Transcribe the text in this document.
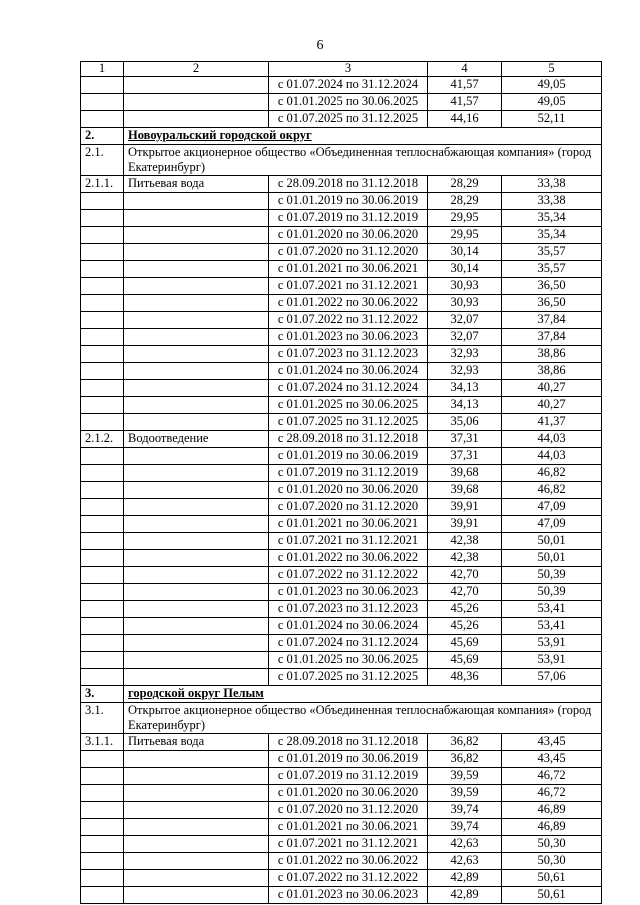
6
1	2	3	4	5
		с 01.07.2024 по 31.12.2024	41,57	49,05
		с 01.01.2025 по 30.06.2025	41,57	49,05
		с 01.07.2025 по 31.12.2025	44,16	52,11
2.	Новоуральский городской округ			
2.1.	Открытое акционерное общество «Объединенная теплоснабжающая компания» (город Екатеринбург)			
2.1.1.	Питьевая вода	с 28.09.2018 по 31.12.2018	28,29	33,38
		с 01.01.2019 по 30.06.2019	28,29	33,38
		с 01.07.2019 по 31.12.2019	29,95	35,34
		с 01.01.2020 по 30.06.2020	29,95	35,34
		с 01.07.2020 по 31.12.2020	30,14	35,57
		с 01.01.2021 по 30.06.2021	30,14	35,57
		с 01.07.2021 по 31.12.2021	30,93	36,50
		с 01.01.2022 по 30.06.2022	30,93	36,50
		с 01.07.2022 по 31.12.2022	32,07	37,84
		с 01.01.2023 по 30.06.2023	32,07	37,84
		с 01.07.2023 по 31.12.2023	32,93	38,86
		с 01.01.2024 по 30.06.2024	32,93	38,86
		с 01.07.2024 по 31.12.2024	34,13	40,27
		с 01.01.2025 по 30.06.2025	34,13	40,27
		с 01.07.2025 по 31.12.2025	35,06	41,37
2.1.2.	Водоотведение	с 28.09.2018 по 31.12.2018	37,31	44,03
		с 01.01.2019 по 30.06.2019	37,31	44,03
		с 01.07.2019 по 31.12.2019	39,68	46,82
		с 01.01.2020 по 30.06.2020	39,68	46,82
		с 01.07.2020 по 31.12.2020	39,91	47,09
		с 01.01.2021 по 30.06.2021	39,91	47,09
		с 01.07.2021 по 31.12.2021	42,38	50,01
		с 01.01.2022 по 30.06.2022	42,38	50,01
		с 01.07.2022 по 31.12.2022	42,70	50,39
		с 01.01.2023 по 30.06.2023	42,70	50,39
		с 01.07.2023 по 31.12.2023	45,26	53,41
		с 01.01.2024 по 30.06.2024	45,26	53,41
		с 01.07.2024 по 31.12.2024	45,69	53,91
		с 01.01.2025 по 30.06.2025	45,69	53,91
		с 01.07.2025 по 31.12.2025	48,36	57,06
3.	городской округ Пелым			
3.1.	Открытое акционерное общество «Объединенная теплоснабжающая компания» (город Екатеринбург)			
3.1.1.	Питьевая вода	с 28.09.2018 по 31.12.2018	36,82	43,45
		с 01.01.2019 по 30.06.2019	36,82	43,45
		с 01.07.2019 по 31.12.2019	39,59	46,72
		с 01.01.2020 по 30.06.2020	39,59	46,72
		с 01.07.2020 по 31.12.2020	39,74	46,89
		с 01.01.2021 по 30.06.2021	39,74	46,89
		с 01.07.2021 по 31.12.2021	42,63	50,30
		с 01.01.2022 по 30.06.2022	42,63	50,30
		с 01.07.2022 по 31.12.2022	42,89	50,61
		с 01.01.2023 по 30.06.2023	42,89	50,61
